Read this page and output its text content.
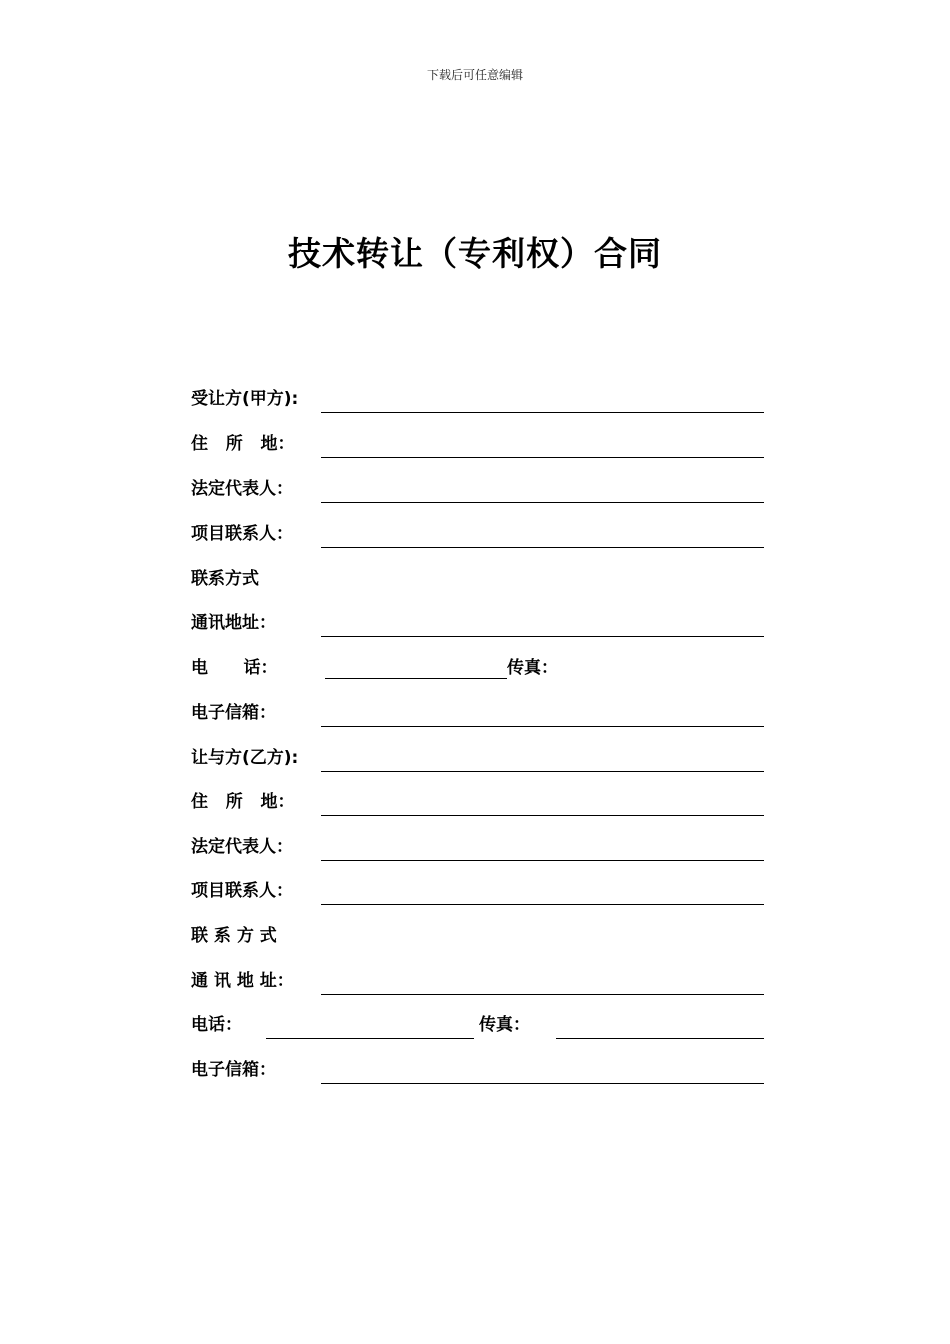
下载后可任意编辑
技术转让（专利权）合同
受让方(甲方):
住   所   地：
法定代表人：
项目联系人：
联系方式
通讯地址：
电      话：	传真：
电子信箱：
让与方(乙方):
住   所   地：
法定代表人：
项目联系人：
联 系 方 式
通 讯 地 址：
电话：	传真：
电子信箱：
